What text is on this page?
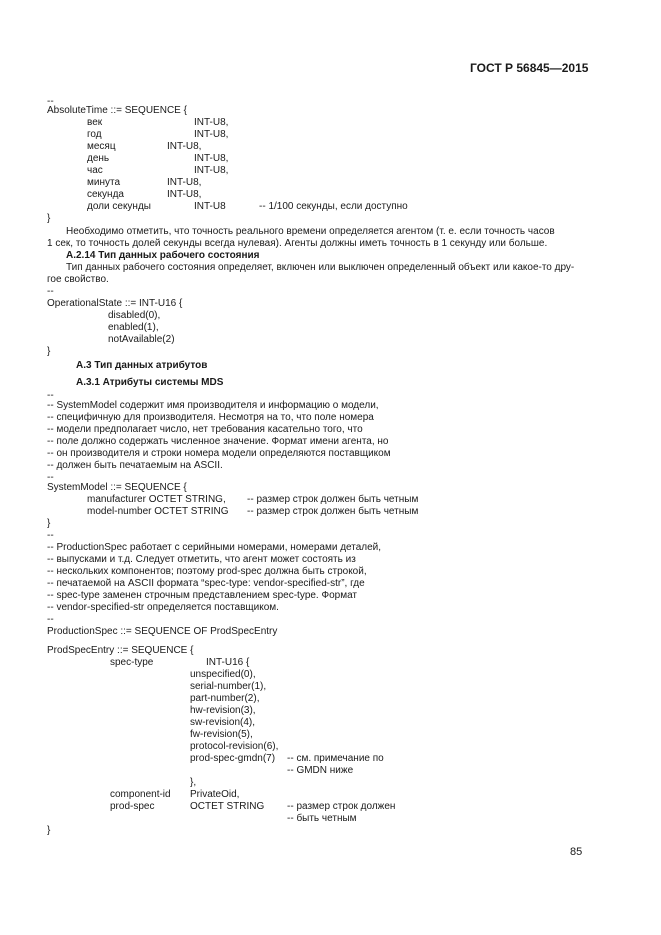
ГОСТ Р 56845—2015
--
AbsoluteTime ::= SEQUENCE {
век	INT-U8,
год	INT-U8,
месяц	INT-U8,
день	INT-U8,
час	INT-U8,
минута	INT-U8,
секунда	INT-U8,
доли секунды	INT-U8	-- 1/100 секунды, если доступно
}
Необходимо отметить, что точность реального времени определяется агентом (т. е. если точность часов
1 сек, то точность долей секунды всегда нулевая). Агенты должны иметь точность в 1 секунду или больше.
A.2.14 Тип данных рабочего состояния
Тип данных рабочего состояния определяет, включен или выключен определенный объект или какое-то дру-
гое свойство.
--
OperationalState ::= INT-U16 {
disabled(0),
enabled(1),
notAvailable(2)
}
A.3 Тип данных атрибутов
A.3.1 Атрибуты системы MDS
--
-- SystemModel содержит имя производителя и информацию о модели,
-- специфичную для производителя. Несмотря на то, что поле номера
-- модели предполагает число, нет требования касательно того, что
-- поле должно содержать численное значение. Формат имени агента, но
-- он производителя и строки номера модели определяются поставщиком
-- должен быть печатаемым на ASCII.
--
SystemModel ::= SEQUENCE {
manufacturer OCTET STRING, -- размер строк должен быть четным
model-number OCTET STRING -- размер строк должен быть четным
}
--
-- ProductionSpec работает с серийными номерами, номерами деталей,
-- выпусками и т.д. Следует отметить, что агент может состоять из
-- нескольких компонентов; поэтому prod-spec должна быть строкой,
-- печатаемой на ASCII формата “spec-type: vendor-specified-str”, где
-- spec-type заменен строчным представлением spec-type. Формат
-- vendor-specified-str определяется поставщиком.
--
ProductionSpec ::= SEQUENCE OF ProdSpecEntry
ProdSpecEntry ::= SEQUENCE {
spec-type	INT-U16 {
unspecified(0),
serial-number(1),
part-number(2),
hw-revision(3),
sw-revision(4),
fw-revision(5),
protocol-revision(6),
prod-spec-gmdn(7) -- см. примечание по
-- GMDN ниже
},
component-id PrivateOid,
prod-spec	OCTET STRING -- размер строк должен
-- быть четным
}
85
